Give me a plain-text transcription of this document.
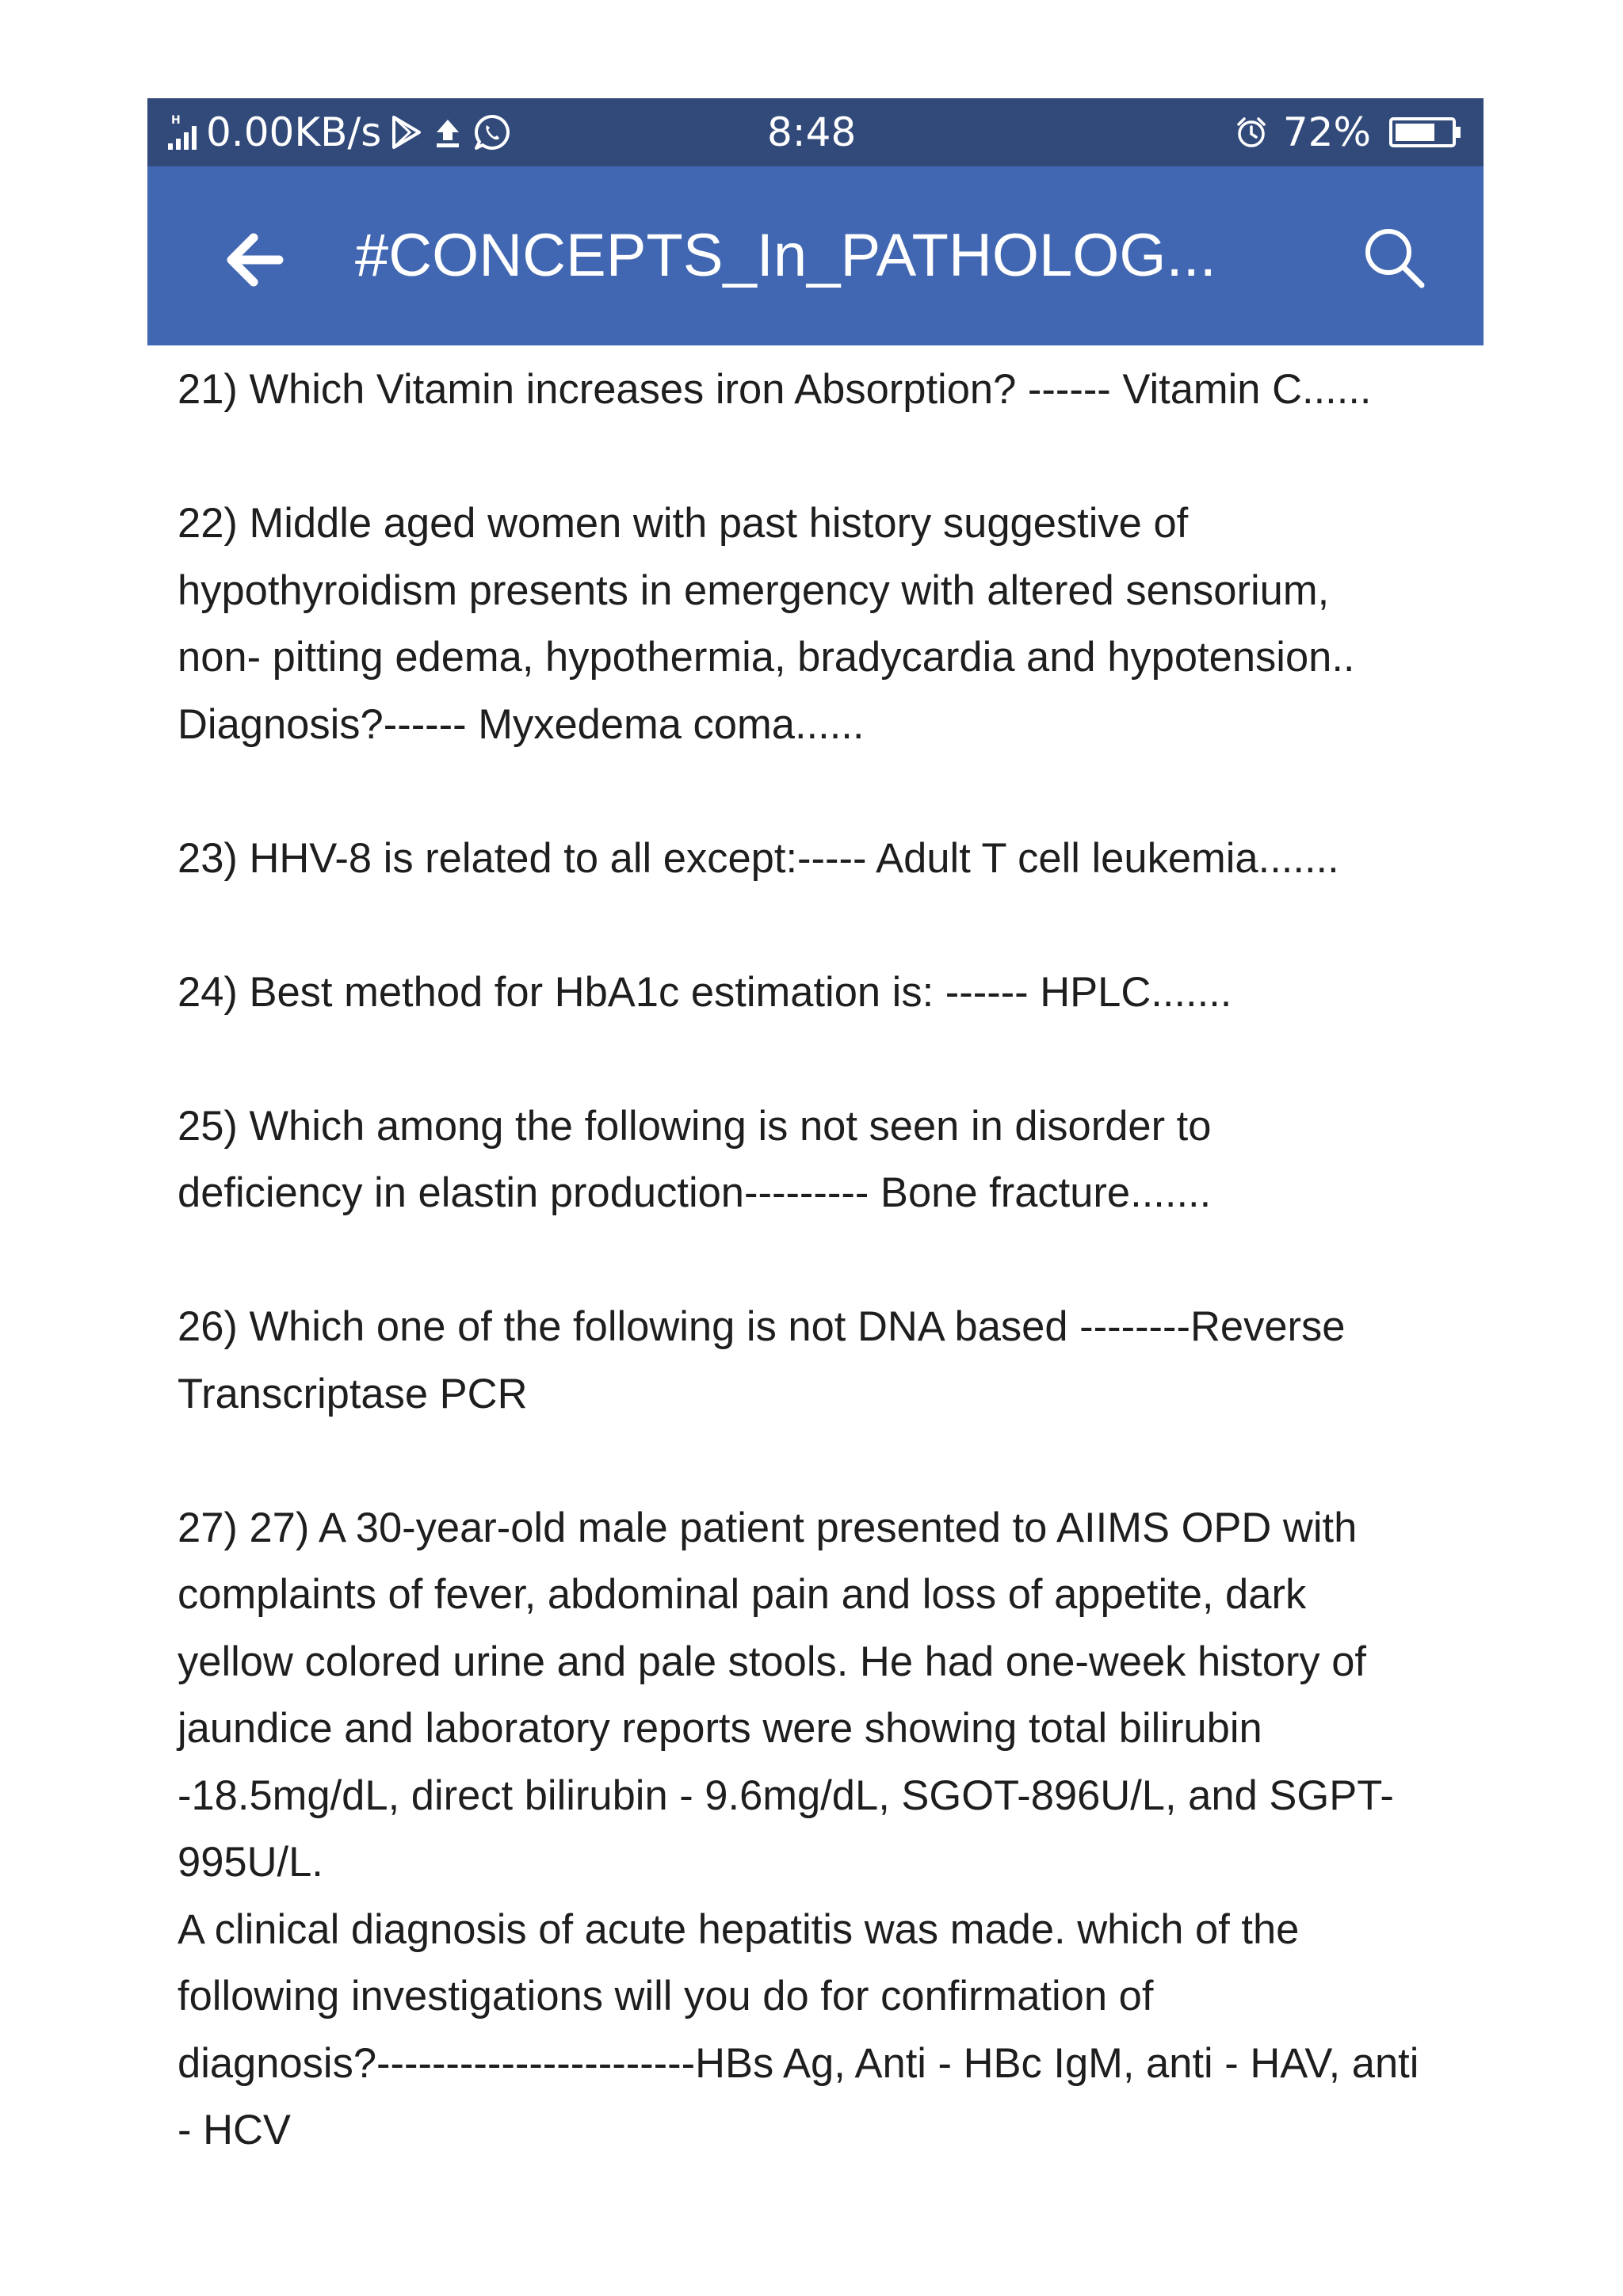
H 0.00KB/s	8:48	72%
#CONCEPTS_In_PATHOLOG...

21) Which Vitamin increases iron Absorption? ------ Vitamin C......

22) Middle aged women with past history suggestive of

hypothyroidism presents in emergency with altered sensorium,

non- pitting edema, hypothermia, bradycardia and hypotension..

Diagnosis?------ Myxedema coma......

23) HHV-8 is related to all except:----- Adult T cell leukemia.......

24) Best method for HbA1c estimation is: ------ HPLC.......

25) Which among the following is not seen in disorder to

deficiency in elastin production--------- Bone fracture.......

26) Which one of the following is not DNA based --------Reverse

Transcriptase PCR

27) 27) A 30-year-old male patient presented to AIIMS OPD with

complaints of fever, abdominal pain and loss of appetite, dark

yellow colored urine and pale stools. He had one-week history of

jaundice and laboratory reports were showing total bilirubin

-18.5mg/dL, direct bilirubin - 9.6mg/dL, SGOT-896U/L, and SGPT-

995U/L.

A clinical diagnosis of acute hepatitis was made. which of the

following investigations will you do for confirmation of

diagnosis?-----------------------HBs Ag, Anti - HBc IgM, anti - HAV, anti

- HCV
